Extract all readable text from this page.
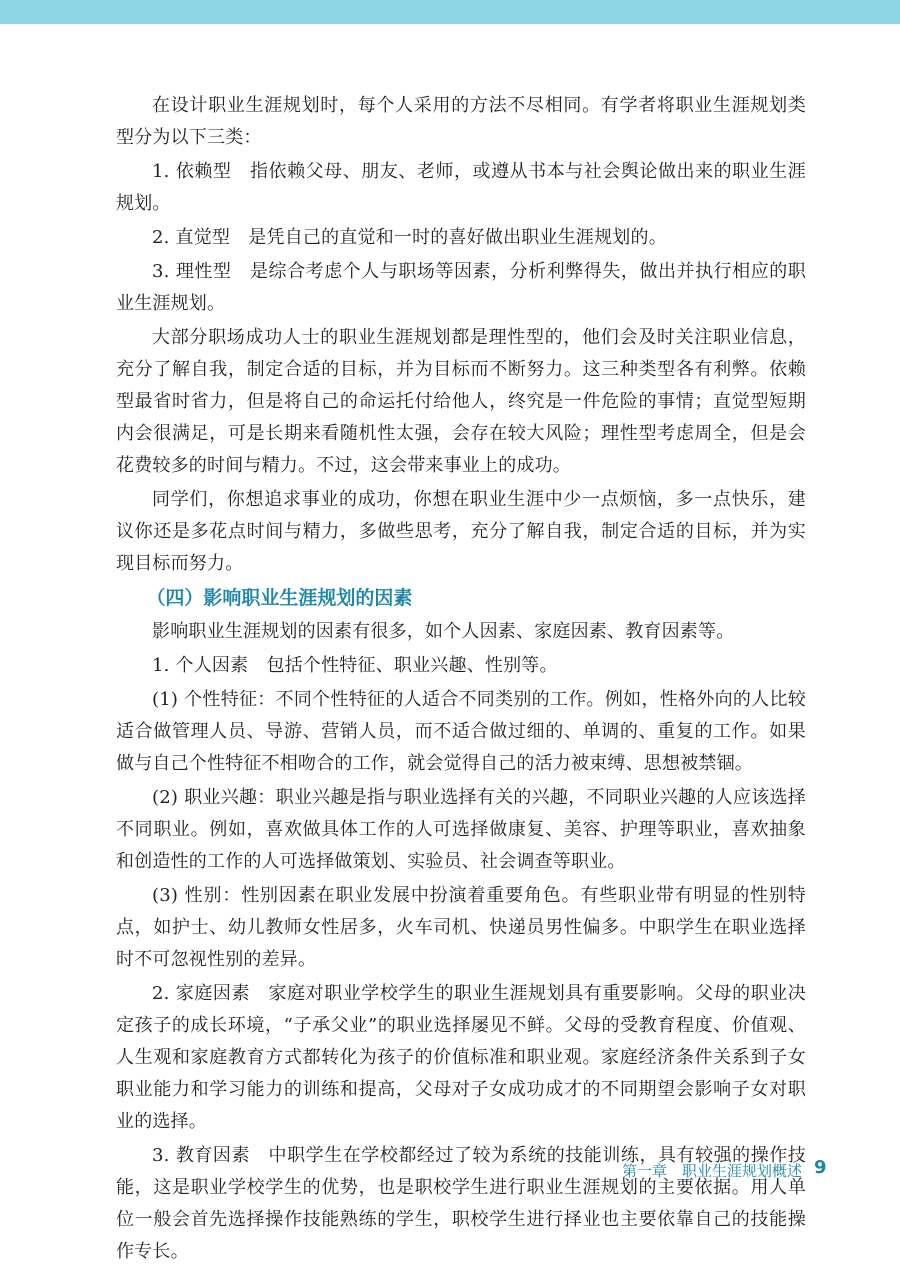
在设计职业生涯规划时，每个人采用的方法不尽相同。有学者将职业生涯规划类型分为以下三类：

1. 依赖型　指依赖父母、朋友、老师，或遵从书本与社会舆论做出来的职业生涯规划。

2. 直觉型　是凭自己的直觉和一时的喜好做出职业生涯规划的。

3. 理性型　是综合考虑个人与职场等因素，分析利弊得失，做出并执行相应的职业生涯规划。

大部分职场成功人士的职业生涯规划都是理性型的，他们会及时关注职业信息，充分了解自我，制定合适的目标，并为目标而不断努力。这三种类型各有利弊。依赖型最省时省力，但是将自己的命运托付给他人，终究是一件危险的事情；直觉型短期内会很满足，可是长期来看随机性太强，会存在较大风险；理性型考虑周全，但是会花费较多的时间与精力。不过，这会带来事业上的成功。

同学们，你想追求事业的成功，你想在职业生涯中少一点烦恼，多一点快乐，建议你还是多花点时间与精力，多做些思考，充分了解自我，制定合适的目标，并为实现目标而努力。

（四）影响职业生涯规划的因素

影响职业生涯规划的因素有很多，如个人因素、家庭因素、教育因素等。

1. 个人因素　包括个性特征、职业兴趣、性别等。

(1) 个性特征：不同个性特征的人适合不同类别的工作。例如，性格外向的人比较适合做管理人员、导游、营销人员，而不适合做过细的、单调的、重复的工作。如果做与自己个性特征不相吻合的工作，就会觉得自己的活力被束缚、思想被禁锢。

(2) 职业兴趣：职业兴趣是指与职业选择有关的兴趣，不同职业兴趣的人应该选择不同职业。例如，喜欢做具体工作的人可选择做康复、美容、护理等职业，喜欢抽象和创造性的工作的人可选择做策划、实验员、社会调查等职业。

(3) 性别：性别因素在职业发展中扮演着重要角色。有些职业带有明显的性别特点，如护士、幼儿教师女性居多，火车司机、快递员男性偏多。中职学生在职业选择时不可忽视性别的差异。

2. 家庭因素　家庭对职业学校学生的职业生涯规划具有重要影响。父母的职业决定孩子的成长环境，“子承父业”的职业选择屡见不鲜。父母的受教育程度、价值观、人生观和家庭教育方式都转化为孩子的价值标准和职业观。家庭经济条件关系到子女职业能力和学习能力的训练和提高，父母对子女成功成才的不同期望会影响子女对职业的选择。

3. 教育因素　中职学生在学校都经过了较为系统的技能训练，具有较强的操作技能，这是职业学校学生的优势，也是职校学生进行职业生涯规划的主要依据。用人单位一般会首先选择操作技能熟练的学生，职校学生进行择业也主要依靠自己的技能操作专长。

第一章　职业生涯规划概述 9
